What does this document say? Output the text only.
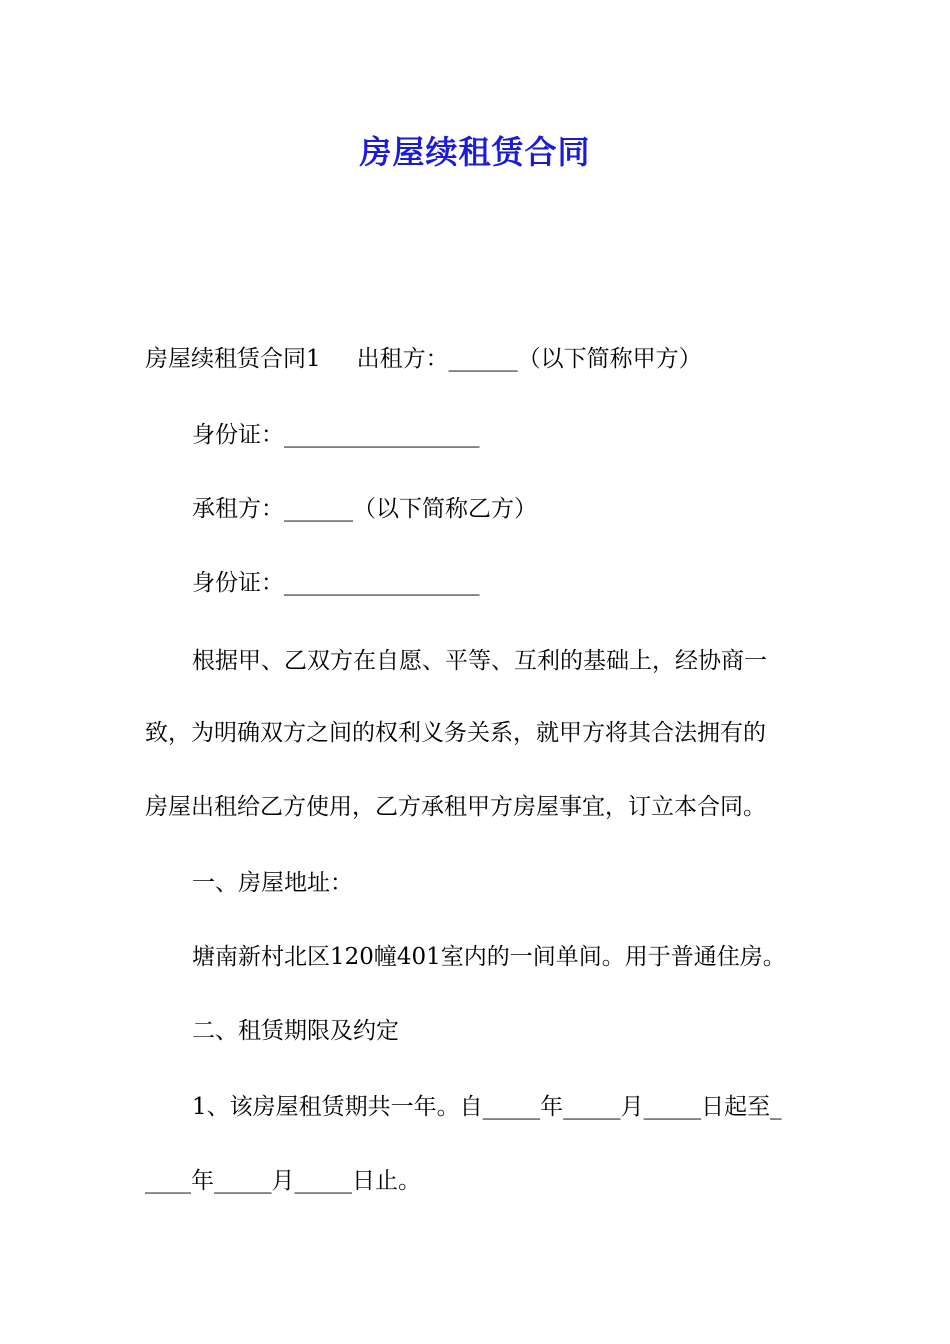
房屋续租赁合同
房屋续租赁合同1 出租方：______（以下简称甲方）
身份证：_________________
承租方：______（以下简称乙方）
身份证：_________________
根据甲、乙双方在自愿、平等、互利的基础上，经协商一
致，为明确双方之间的权利义务关系，就甲方将其合法拥有的
房屋出租给乙方使用，乙方承租甲方房屋事宜，订立本合同。
一、房屋地址：
塘南新村北区120幢401室内的一间单间。用于普通住房。
二、租赁期限及约定
1、该房屋租赁期共一年。自_____年_____月_____日起至_
____年_____月_____日止。
